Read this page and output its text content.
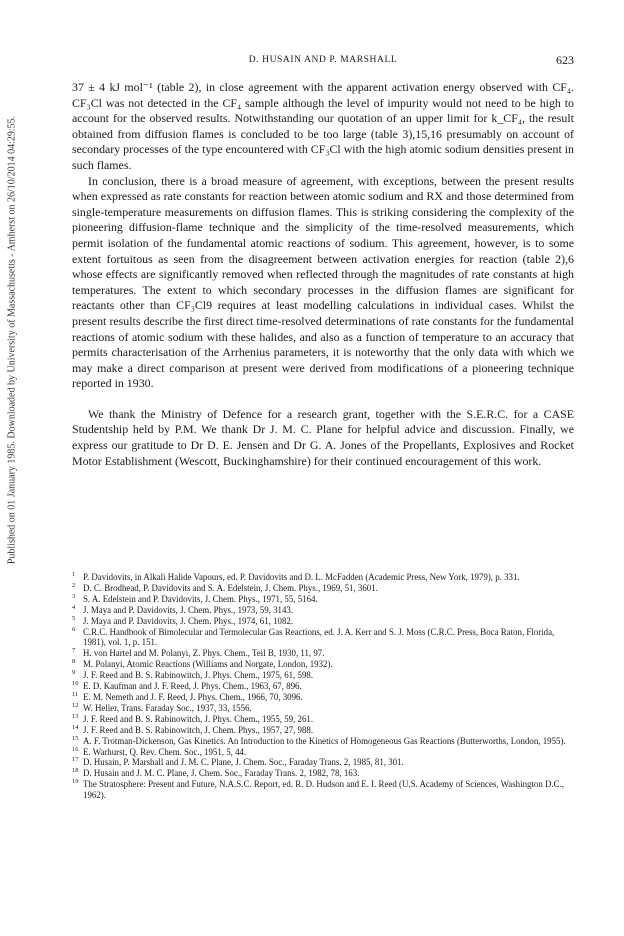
Published on 01 January 1985. Downloaded by University of Massachusetts - Amherst on 26/10/2014 04:29:55.
D. HUSAIN AND P. MARSHALL	623

37 ± 4 kJ mol⁻¹ (table 2), in close agreement with the apparent activation energy observed with CF₄. CF₃Cl was not detected in the CF₄ sample although the level of impurity would not need to be high to account for the observed results. Notwithstanding our quotation of an upper limit for k_CF₄, the result obtained from diffusion flames is concluded to be too large (table 3),15,16 presumably on account of secondary processes of the type encountered with CF₃Cl with the high atomic sodium densities present in such flames.

In conclusion, there is a broad measure of agreement, with exceptions, between the present results when expressed as rate constants for reaction between atomic sodium and RX and those determined from single-temperature measurements on diffusion flames. This is striking considering the complexity of the pioneering diffusion-flame technique and the simplicity of the time-resolved measurements, which permit isolation of the fundamental atomic reactions of sodium. This agreement, however, is to some extent fortuitous as seen from the disagreement between activation energies for reaction (table 2),6 whose effects are significantly removed when reflected through the magnitudes of rate constants at high temperatures. The extent to which secondary processes in the diffusion flames are significant for reactants other than CF₃Cl9 requires at least modelling calculations in individual cases. Whilst the present results describe the first direct time-resolved determinations of rate constants for the fundamental reactions of atomic sodium with these halides, and also as a function of temperature to an accuracy that permits characterisation of the Arrhenius parameters, it is noteworthy that the only data with which we may make a direct comparison at present were derived from modifications of a pioneering technique reported in 1930.

We thank the Ministry of Defence for a research grant, together with the S.E.R.C. for a CASE Studentship held by P.M. We thank Dr J. M. C. Plane for helpful advice and discussion. Finally, we express our gratitude to Dr D. E. Jensen and Dr G. A. Jones of the Propellants, Explosives and Rocket Motor Establishment (Wescott, Buckinghamshire) for their continued encouragement of this work.

1 P. Davidovits, in Alkali Halide Vapours, ed. P. Davidovits and D. L. McFadden (Academic Press, New York, 1979), p. 331.

2 D. C. Brodhead, P. Davidovits and S. A. Edelstein, J. Chem. Phys., 1969, 51, 3601.

3 S. A. Edelstein and P. Davidovits, J. Chem. Phys., 1971, 55, 5164.

4 J. Maya and P. Davidovits, J. Chem. Phys., 1973, 59, 3143.

5 J. Maya and P. Davidovits, J. Chem. Phys., 1974, 61, 1082.

6 C.R.C. Handbook of Bimolecular and Termolecular Gas Reactions, ed. J. A. Kerr and S. J. Moss (C.R.C. Press, Boca Raton, Florida, 1981), vol. 1, p. 151.

7 H. von Hartel and M. Polanyi, Z. Phys. Chem., Teil B, 1930, 11, 97.

8 M. Polanyi, Atomic Reactions (Williams and Norgate, London, 1932).

9 J. F. Reed and B. S. Rabinowitch, J. Phys. Chem., 1975, 61, 598.

10 E. D. Kaufman and J. F. Reed, J. Phys. Chem., 1963, 67, 896.

11 E. M. Nemeth and J. F. Reed, J. Phys. Chem., 1966, 70, 3096.

12 W. Heller, Trans. Faraday Soc., 1937, 33, 1556.

13 J. F. Reed and B. S. Rabinowitch, J. Phys. Chem., 1955, 59, 261.

14 J. F. Reed and B. S. Rabinowitch, J. Chem. Phys., 1957, 27, 988.

15 A. F. Trotman-Dickenson, Gas Kinetics. An Introduction to the Kinetics of Homogeneous Gas Reactions (Butterworths, London, 1955).

16 E. Warhurst, Q. Rev. Chem. Soc., 1951, 5, 44.

17 D. Husain, P. Marshall and J. M. C. Plane, J. Chem. Soc., Faraday Trans. 2, 1985, 81, 301.

18 D. Husain and J. M. C. Plane, J. Chem. Soc., Faraday Trans. 2, 1982, 78, 163.

19 The Stratosphere: Present and Future, N.A.S.C. Report, ed. R. D. Hudson and E. I. Reed (U.S. Academy of Sciences, Washington D.C., 1962).
